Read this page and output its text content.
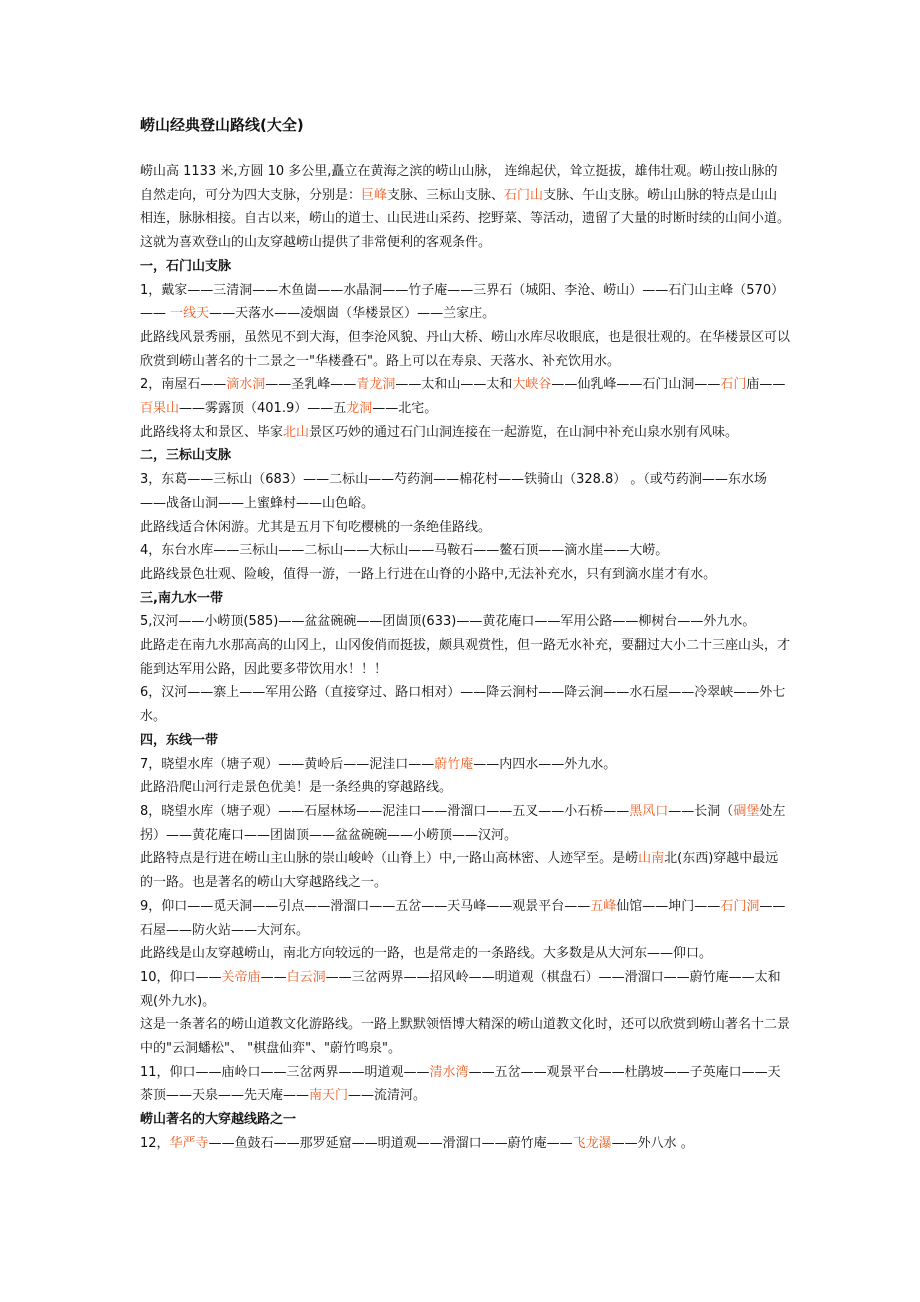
崂山经典登山路线(大全)

崂山高 1133 米,方圆 10 多公里,矗立在黄海之滨的崂山山脉， 连绵起伏，耸立挺拔，雄伟壮观。崂山按山脉的自然走向，可分为四大支脉，分别是：巨峰支脉、三标山支脉、石门山支脉、午山支脉。崂山山脉的特点是山山相连，脉脉相接。自古以来，崂山的道士、山民进山采药、挖野菜、等活动，遗留了大量的时断时续的山间小道。这就为喜欢登山的山友穿越崂山提供了非常便利的客观条件。

一，石门山支脉

1，戴家——三清洞——木鱼崮——水晶洞——竹子庵——三界石（城阳、李沧、崂山）——石门山主峰（570）—— 一线天——天落水——凌烟崮（华楼景区）——兰家庄。

此路线风景秀丽，虽然见不到大海，但李沧风貌、丹山大桥、崂山水库尽收眼底，也是很壮观的。在华楼景区可以欣赏到崂山著名的十二景之一"华楼叠石"。路上可以在寿泉、天落水、补充饮用水。

2，南屋石——滴水洞——圣乳峰——青龙洞——太和山——太和大峡谷——仙乳峰——石门山洞——石门庙——百果山——雾露顶（401.9）——五龙洞——北宅。

此路线将太和景区、毕家北山景区巧妙的通过石门山洞连接在一起游览，在山洞中补充山泉水别有风味。

二，三标山支脉

3，东葛——三标山（683）——二标山——芍药涧——棉花村——铁骑山（328.8） 。（或芍药涧——东水场——战备山洞——上蜜蜂村——山色峪。

此路线适合休闲游。尤其是五月下旬吃樱桃的一条绝佳路线。

4，东台水库——三标山——二标山——大标山——马鞍石——鳌石顶——滴水崖——大崂。

此路线景色壮观、险峻，值得一游，一路上行进在山脊的小路中,无法补充水，只有到滴水崖才有水。

三,南九水一带

5,汉河——小崂顶(585)——盆盆碗碗——团崮顶(633)——黄花庵口——军用公路——柳树台——外九水。

此路走在南九水那高高的山冈上，山冈俊俏而挺拔，颇具观赏性，但一路无水补充，要翻过大小二十三座山头，才能到达军用公路，因此要多带饮用水！！！

6，汉河——寨上——军用公路（直接穿过、路口相对）——降云涧村——降云涧——水石屋——冷翠峡——外七水。

四，东线一带

7，晓望水库（塘子观）——黄岭后——泥洼口——蔚竹庵——内四水——外九水。

此路沿爬山河行走景色优美！是一条经典的穿越路线。

8，晓望水库（塘子观）——石屋林场——泥洼口——滑溜口——五叉——小石桥——黑风口——长洞（碉堡处左拐）——黄花庵口——团崮顶——盆盆碗碗——小崂顶——汉河。

此路特点是行进在崂山主山脉的崇山峻岭（山脊上）中,一路山高林密、人迹罕至。是崂山南北(东西)穿越中最远的一路。也是著名的崂山大穿越路线之一。

9，仰口——觅天洞——引点——滑溜口——五岔——天马峰——观景平台——五峰仙馆——坤门——石门洞——石屋——防火站——大河东。

此路线是山友穿越崂山，南北方向较远的一路，也是常走的一条路线。大多数是从大河东——仰口。

10，仰口——关帝庙——白云洞——三岔两界——招风岭——明道观（棋盘石）——滑溜口——蔚竹庵——太和观(外九水)。

这是一条著名的崂山道教文化游路线。一路上默默领悟博大精深的崂山道教文化时，还可以欣赏到崂山著名十二景中的"云洞蟠松"、 "棋盘仙弈"、"蔚竹鸣泉"。

11，仰口——庙岭口——三岔两界——明道观——清水湾——五岔——观景平台——杜鹃坡——子英庵口——天茶顶——天泉——先天庵——南天门——流清河。

崂山著名的大穿越线路之一

12，华严寺——鱼鼓石——那罗延窟——明道观——滑溜口——蔚竹庵——飞龙瀑——外八水 。
